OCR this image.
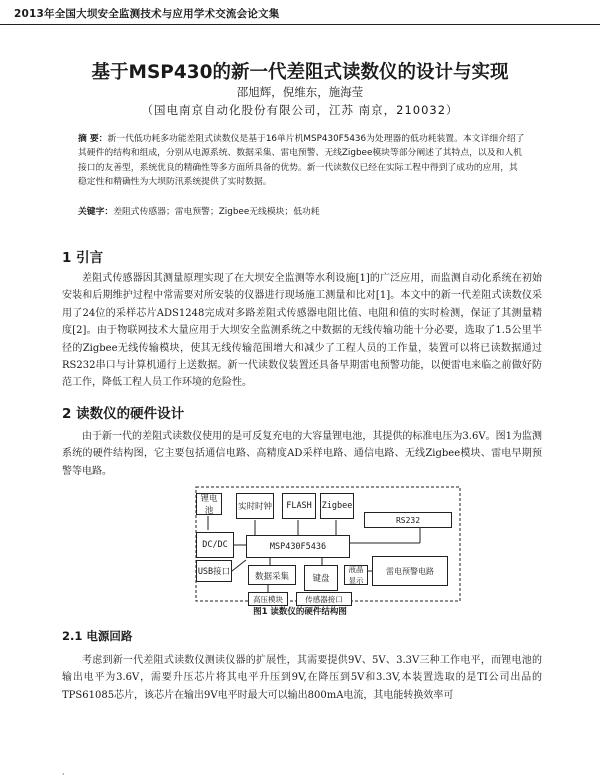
2013年全国大坝安全监测技术与应用学术交流会论文集
基于MSP430的新一代差阻式读数仪的设计与实现
邵旭辉，倪维东，施海莹
（国电南京自动化股份有限公司，江苏 南京，210032）
摘 要：新一代低功耗多功能差阻式读数仪是基于16单片机MSP430F5436为处理器的低功耗装置。本文详细介绍了其硬件的结构和组成，分别从电源系统、数据采集、雷电预警、无线Zigbee模块等部分阐述了其特点，以及和人机接口的友善型，系统优良的精确性等多方面所具备的优势。新一代读数仪已经在实际工程中得到了成功的应用，其稳定性和精确性为大坝防汛系统提供了实时数据。
关键字：差阻式传感器；雷电预警；Zigbee无线模块；低功耗
1 引言
差阻式传感器因其测量原理实现了在大坝安全监测等水利设施[1]的广泛应用，而监测自动化系统在初始安装和后期维护过程中常需要对所安装的仪器进行现场施工测量和比对[1]。本文中的新一代差阻式读数仪采用了24位的采样芯片ADS1248完成对多路差阻式传感器电阻比值、电阻和值的实时检测，保证了其测量精度[2]。由于物联网技术大量应用于大坝安全监测系统之中数据的无线传输功能十分必要，选取了1.5公里半径的Zigbee无线传输模块，使其无线传输范围增大和减少了工程人员的工作量，装置可以将已读数据通过RS232串口与计算机通行上送数据。新一代读数仪装置还具备早期雷电预警功能，以便雷电来临之前做好防范工作，降低工程人员工作环境的危险性。
2 读数仪的硬件设计
由于新一代的差阻式读数仪使用的是可反复充电的大容量锂电池，其提供的标准电压为3.6V。图1为监测系统的硬件结构图，它主要包括通信电路、高精度AD采样电路、通信电路、无线Zigbee模块、雷电早期预警等电路。
锂电池	实时时钟	FLASH	Zigbee
RS232
DC/DC	MSP430F5436
USB接口	数据采集	键盘
雷电预警电路
高压模块	传感器接口
液晶显示
图1 读数仪的硬件结构图
2.1 电源回路
考虑到新一代差阻式读数仪测读仪器的扩展性，其需要提供9V、5V、3.3V三种工作电平，而锂电池的输出电平为3.6V，需要升压芯片将其电平升压到9V,在降压到5V和3.3V,本装置选取的是TI公司出品的TPS61085芯片，该芯片在输出9V电平时最大可以输出800mA电流，其电能转换效率可
·
